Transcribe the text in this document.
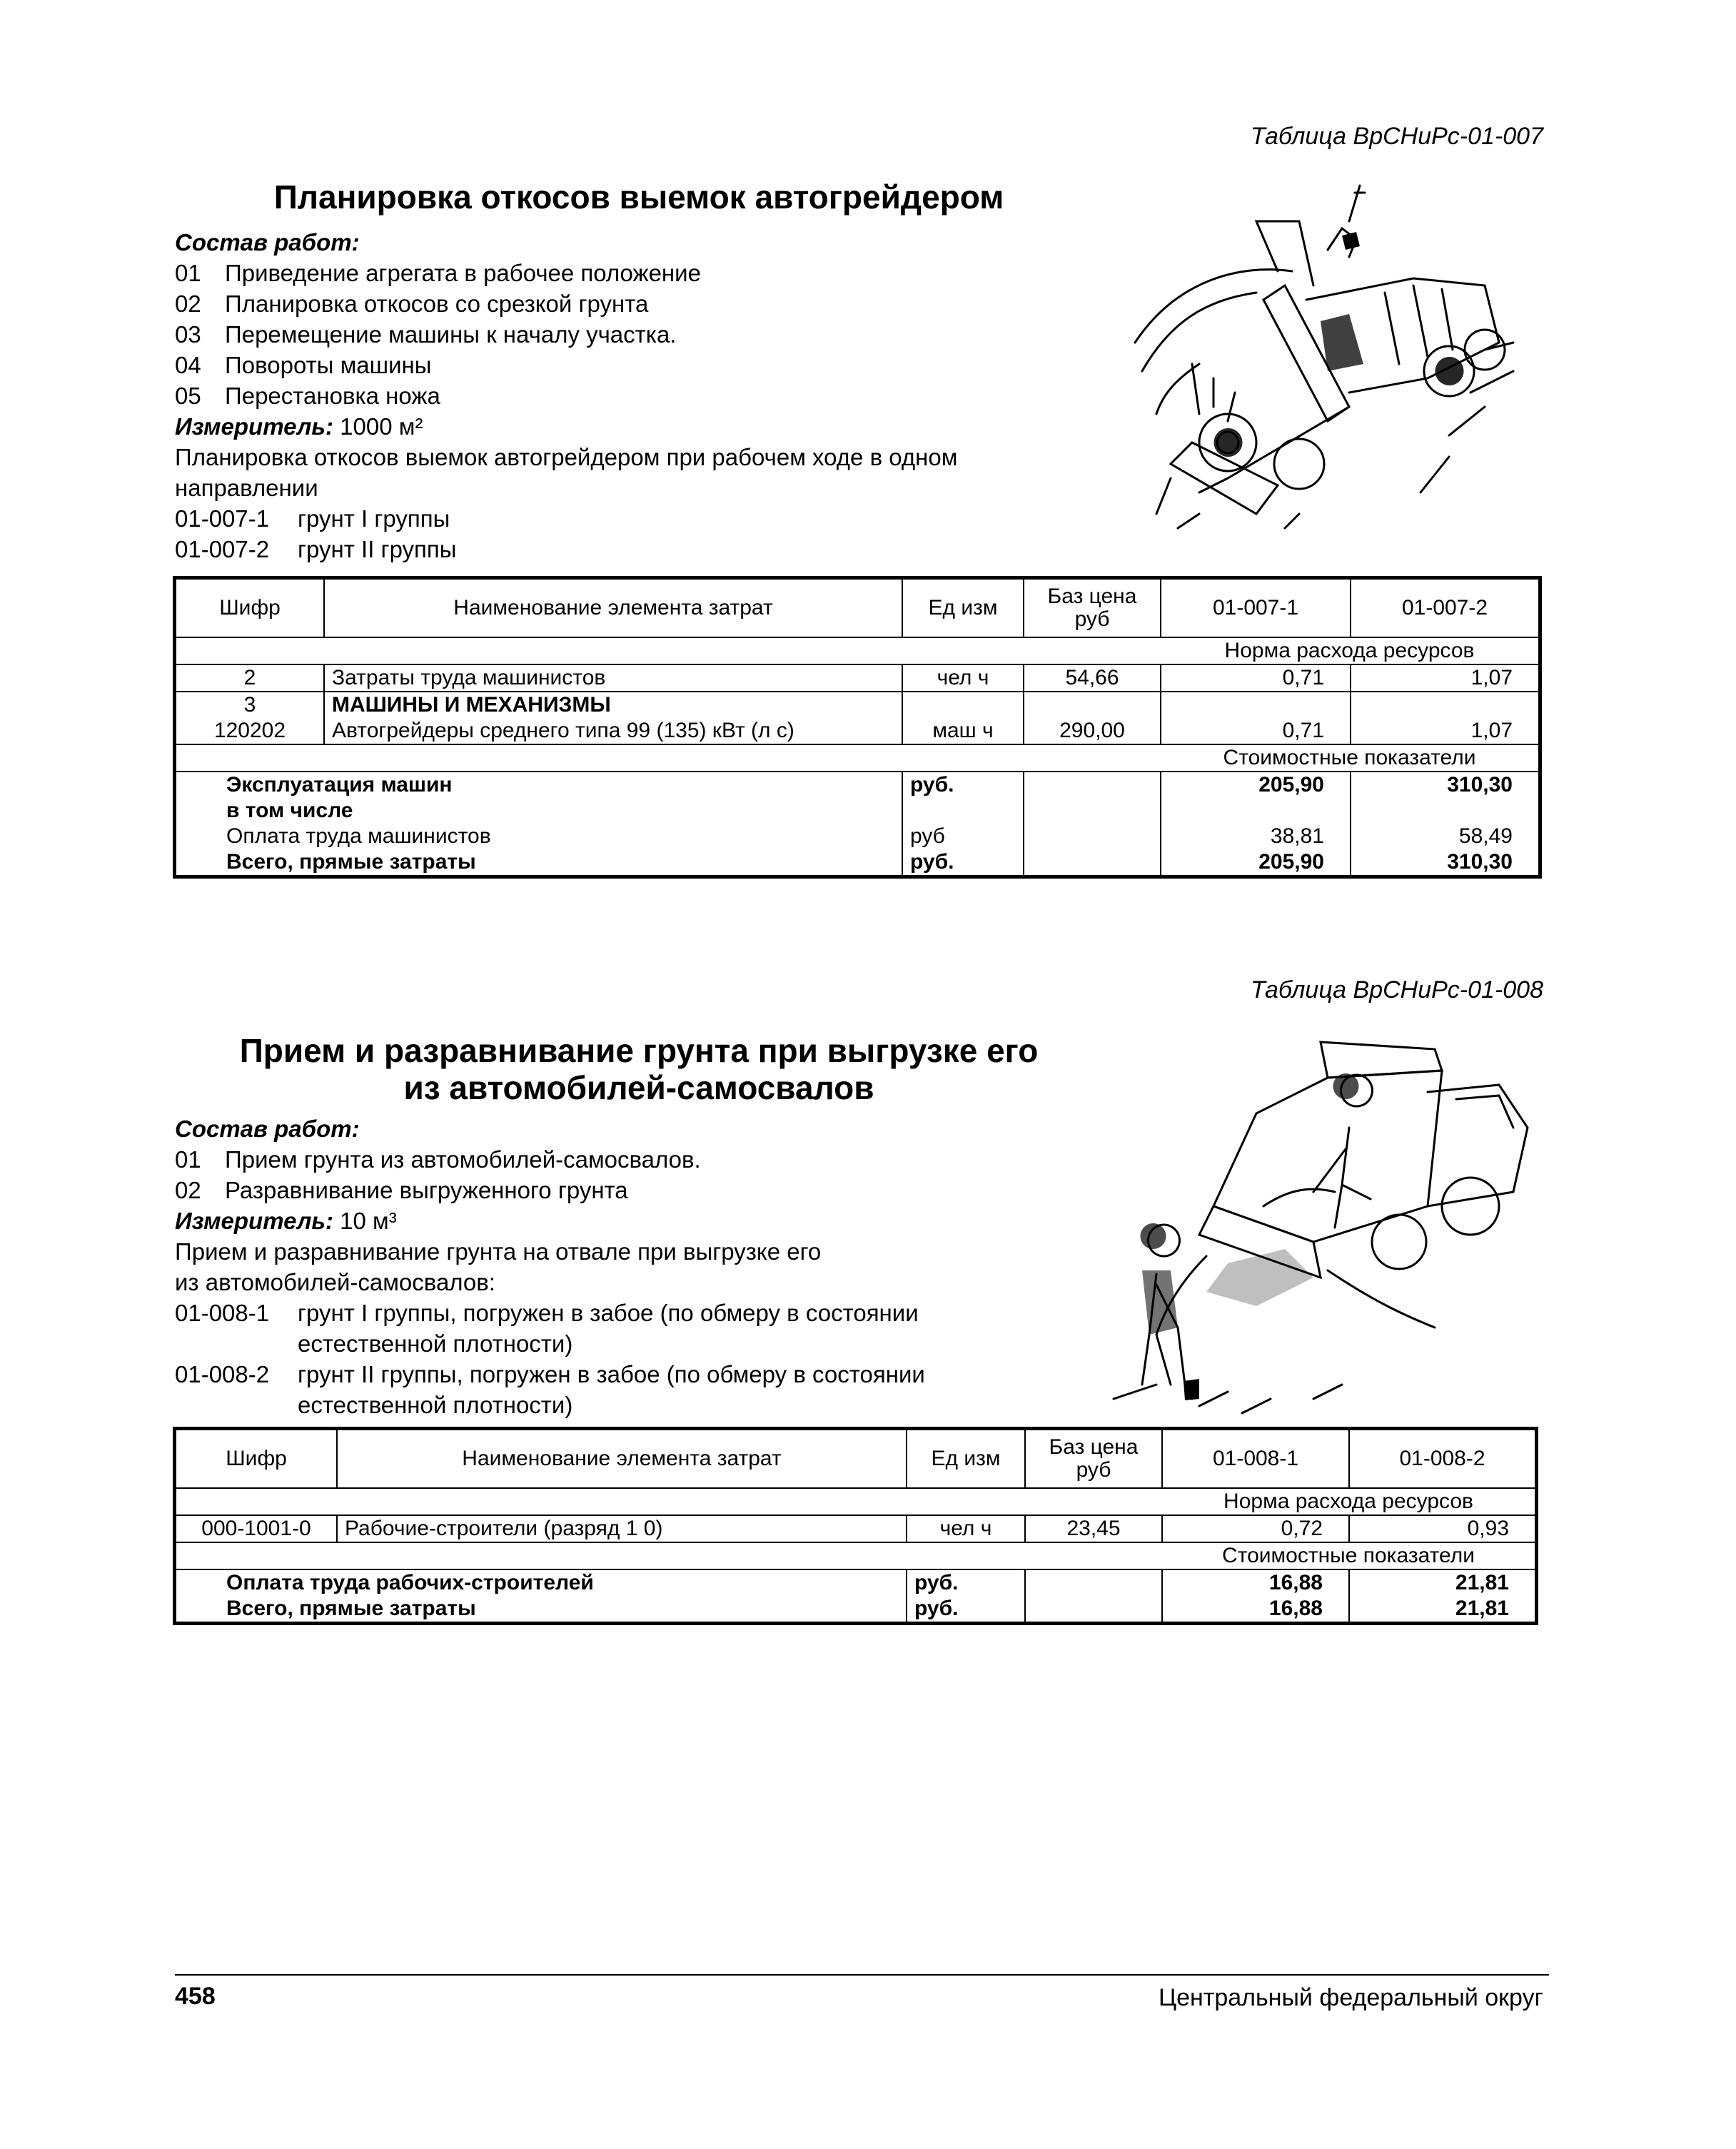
Таблица ВрСНиРс-01-007
Планировка откосов выемок автогрейдером
Состав работ:
01 Приведение агрегата в рабочее положение
02 Планировка откосов со срезкой грунта
03 Перемещение машины к началу участка.
04 Повороты машины
05 Перестановка ножа
Измеритель: 1000 м²
Планировка откосов выемок автогрейдером при рабочем ходе в одном
направлении
01-007-1 грунт I группы
01-007-2 грунт II группы
Шифр	Наименование элемента затрат	Ед изм	Баз цена руб	01-007-1	01-007-2
				Норма расхода ресурсов	
2	Затраты труда машинистов	чел ч	54,66	0,71	1,07
3	МАШИНЫ И МЕХАНИЗМЫ				
120202	Автогрейдеры среднего типа 99 (135) кВт (л с)	маш ч	290,00	0,71	1,07
				Стоимостные показатели	
Эксплуатация машин		руб.		205,90	310,30
в том числе					
Оплата труда машинистов		руб		38,81	58,49
Всего, прямые затраты		руб.		205,90	310,30
Таблица ВрСНиРс-01-008
Прием и разравнивание грунта при выгрузке его
из автомобилей-самосвалов
Состав работ:
01 Прием грунта из автомобилей-самосвалов.
02 Разравнивание выгруженного грунта
Измеритель: 10 м³
Прием и разравнивание грунта на отвале при выгрузке его
из автомобилей-самосвалов:
01-008-1 грунт I группы, погружен в забое (по обмеру в состоянии
естественной плотности)
01-008-2 грунт II группы, погружен в забое (по обмеру в состоянии
естественной плотности)
Шифр	Наименование элемента затрат	Ед изм	Баз цена руб	01-008-1	01-008-2
				Норма расхода ресурсов	
000-1001-0	Рабочие-строители (разряд 1 0)	чел ч	23,45	0,72	0,93
				Стоимостные показатели	
Оплата труда рабочих-строителей		руб.		16,88	21,81
Всего, прямые затраты		руб.		16,88	21,81
458	Центральный федеральный округ
